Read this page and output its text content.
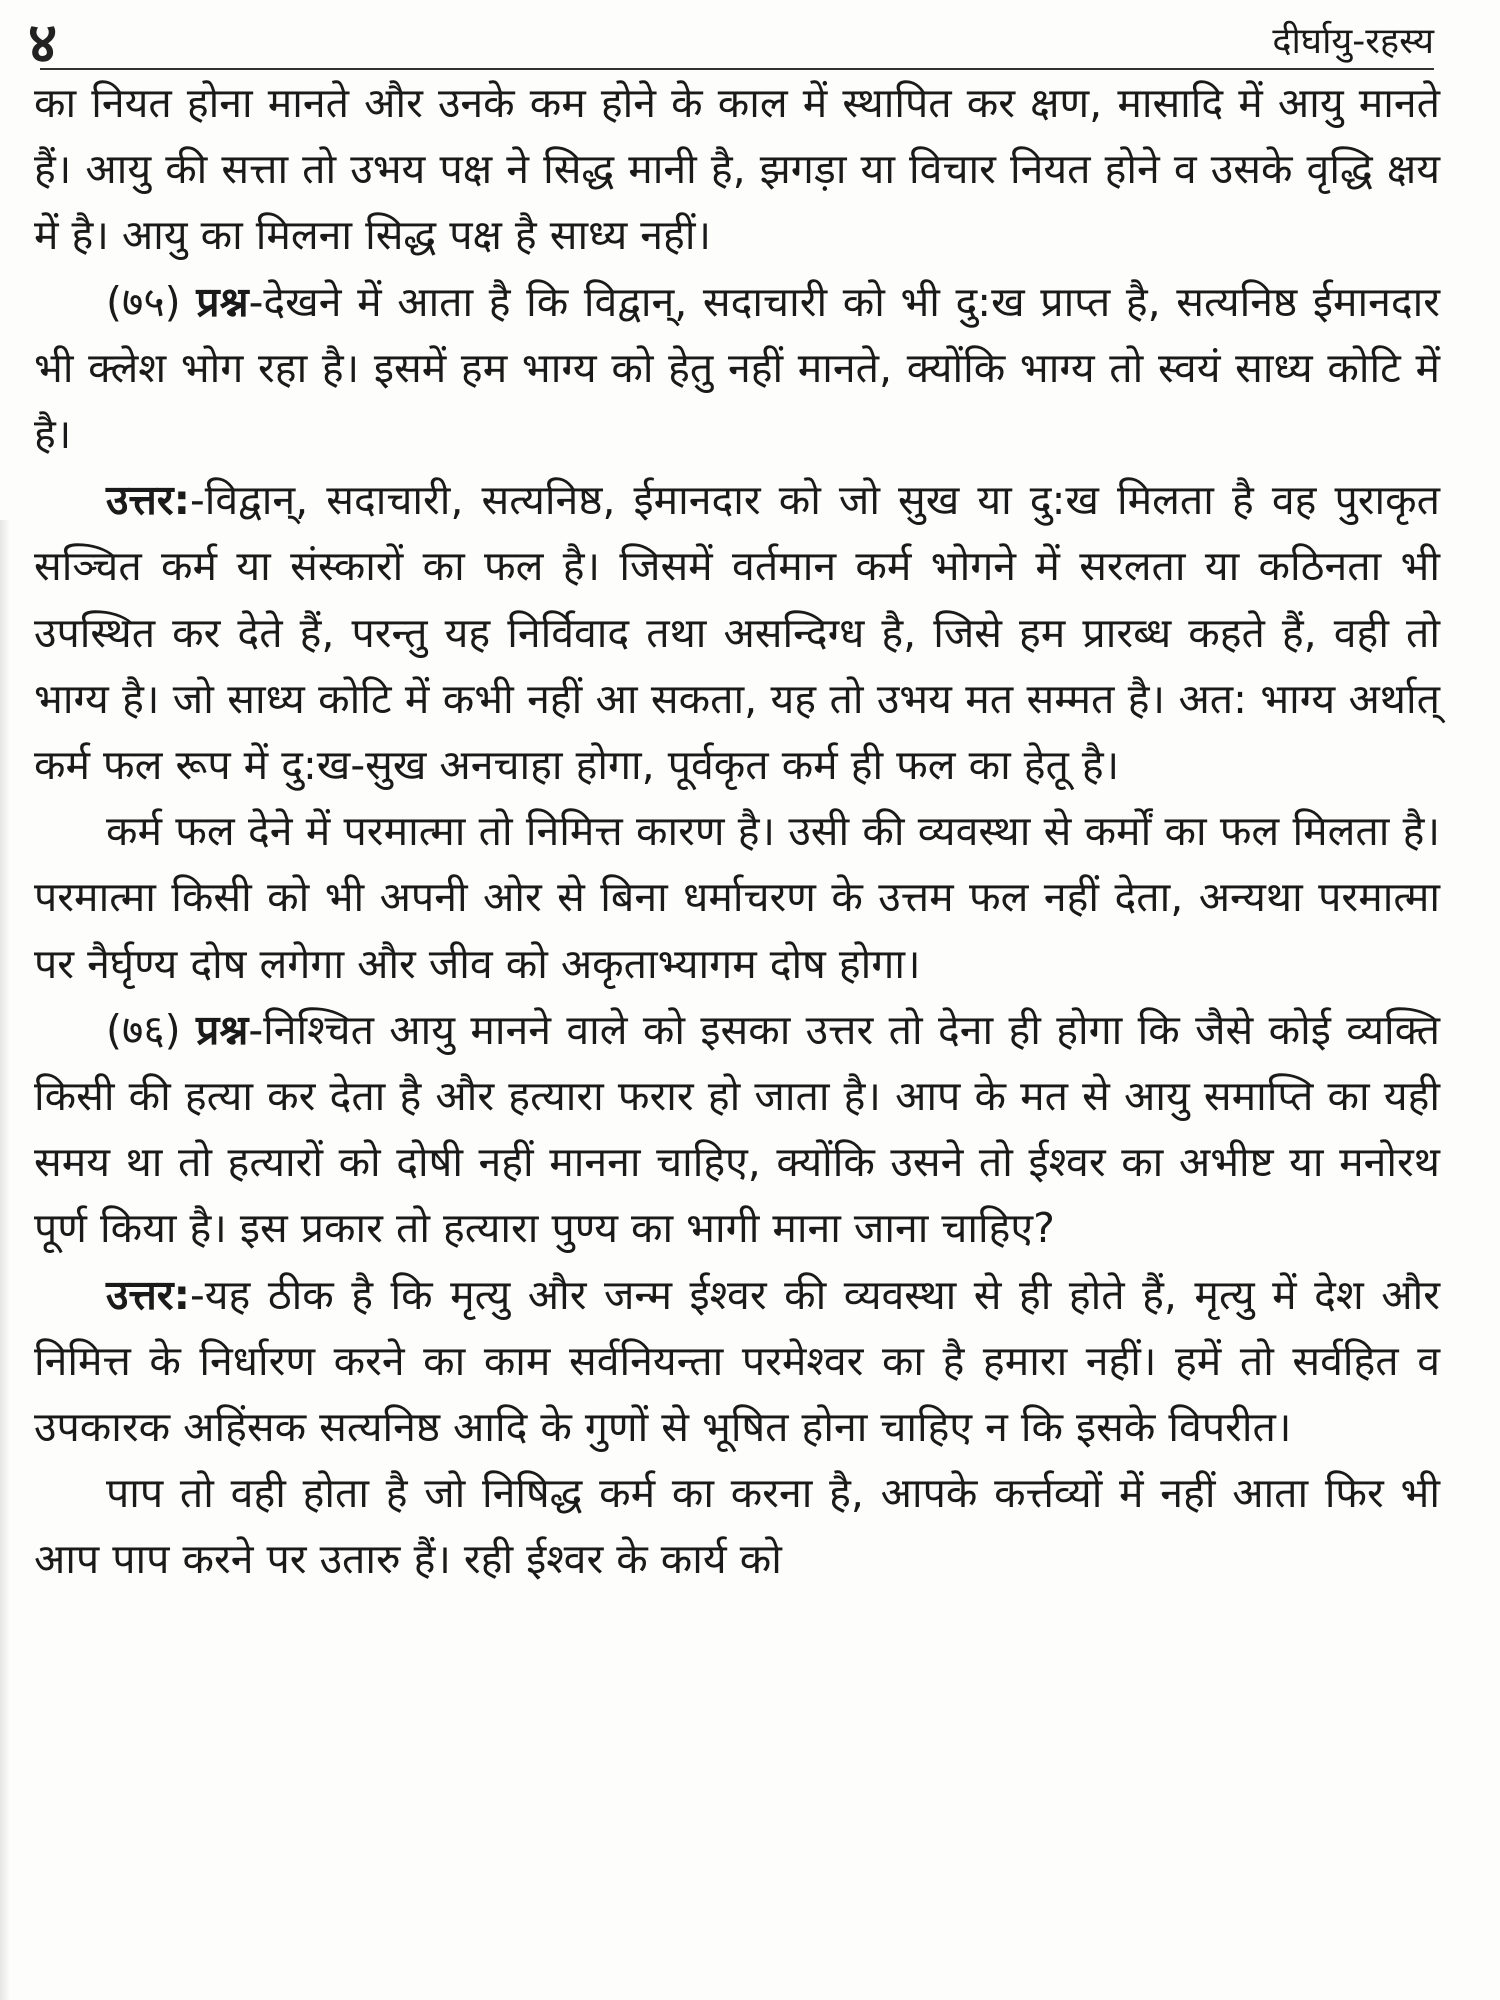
४	दीर्घायु-रहस्य

का नियत होना मानते और उनके कम होने के काल में स्थापित कर क्षण, मासादि में आयु मानते हैं। आयु की सत्ता तो उभय पक्ष ने सिद्ध मानी है, झगड़ा या विचार नियत होने व उसके वृद्धि क्षय में है। आयु का मिलना सिद्ध पक्ष है साध्य नहीं।

(७५) प्रश्न-देखने में आता है कि विद्वान्, सदाचारी को भी दु:ख प्राप्त है, सत्यनिष्ठ ईमानदार भी क्लेश भोग रहा है। इसमें हम भाग्य को हेतु नहीं मानते, क्योंकि भाग्य तो स्वयं साध्य कोटि में है।

उत्तर:-विद्वान्, सदाचारी, सत्यनिष्ठ, ईमानदार को जो सुख या दु:ख मिलता है वह पुराकृत सञ्चित कर्म या संस्कारों का फल है। जिसमें वर्तमान कर्म भोगने में सरलता या कठिनता भी उपस्थित कर देते हैं, परन्तु यह निर्विवाद तथा असन्दिग्ध है, जिसे हम प्रारब्ध कहते हैं, वही तो भाग्य है। जो साध्य कोटि में कभी नहीं आ सकता, यह तो उभय मत सम्मत है। अत: भाग्य अर्थात् कर्म फल रूप में दु:ख-सुख अनचाहा होगा, पूर्वकृत कर्म ही फल का हेतू है।

कर्म फल देने में परमात्मा तो निमित्त कारण है। उसी की व्यवस्था से कर्मों का फल मिलता है। परमात्मा किसी को भी अपनी ओर से बिना धर्माचरण के उत्तम फल नहीं देता, अन्यथा परमात्मा पर नैर्घृण्य दोष लगेगा और जीव को अकृताभ्यागम दोष होगा।

(७६) प्रश्न-निश्चित आयु मानने वाले को इसका उत्तर तो देना ही होगा कि जैसे कोई व्यक्ति किसी की हत्या कर देता है और हत्यारा फरार हो जाता है। आप के मत से आयु समाप्ति का यही समय था तो हत्यारों को दोषी नहीं मानना चाहिए, क्योंकि उसने तो ईश्वर का अभीष्ट या मनोरथ पूर्ण किया है। इस प्रकार तो हत्यारा पुण्य का भागी माना जाना चाहिए?

उत्तर:-यह ठीक है कि मृत्यु और जन्म ईश्वर की व्यवस्था से ही होते हैं, मृत्यु में देश और निमित्त के निर्धारण करने का काम सर्वनियन्ता परमेश्वर का है हमारा नहीं। हमें तो सर्वहित व उपकारक अहिंसक सत्यनिष्ठ आदि के गुणों से भूषित होना चाहिए न कि इसके विपरीत।

पाप तो वही होता है जो निषिद्ध कर्म का करना है, आपके कर्त्तव्यों में नहीं आता फिर भी आप पाप करने पर उतारु हैं। रही ईश्वर के कार्य को
